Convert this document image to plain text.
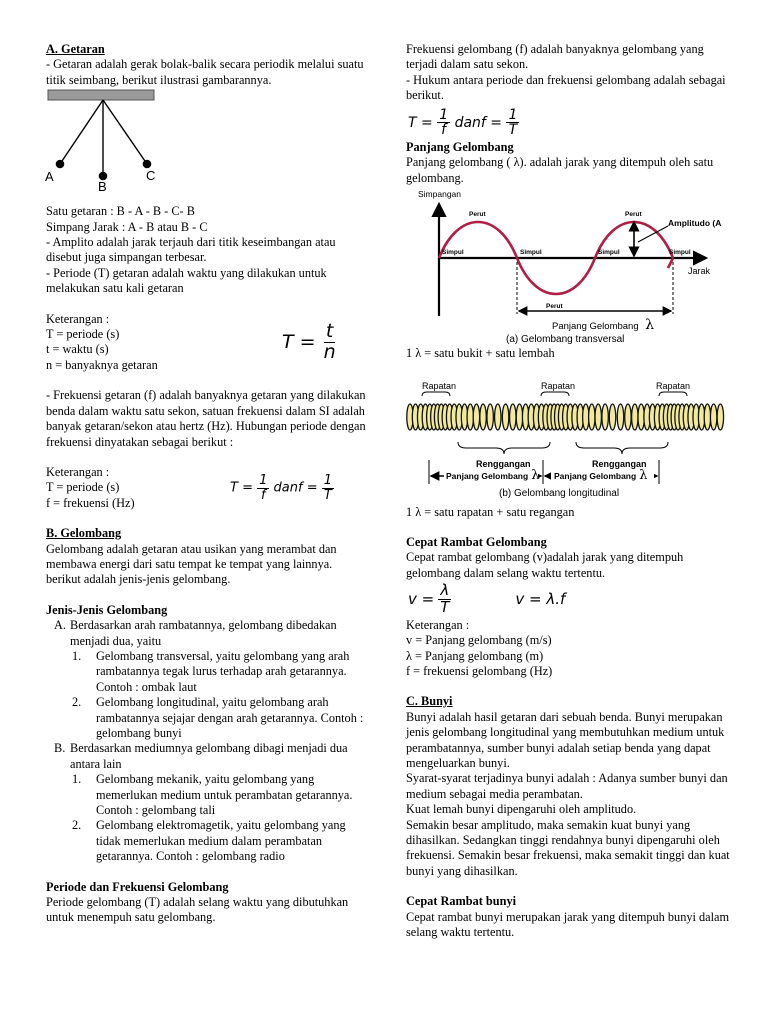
A. Getaran

- Getaran adalah gerak bolak-balik secara periodik melalui suatu titik seimbang, berikut ilustrasi gambarannya.

A
B
C

Satu getaran : B - A - B - C- B

Simpang Jarak : A - B atau B - C

- Amplito adalah jarak terjauh dari titik keseimbangan atau disebut juga simpangan terbesar.

- Periode (T) getaran adalah waktu yang dilakukan untuk melakukan satu kali getaran

Keterangan :

T = periode (s)

t = waktu (s)

n = banyaknya getaran

$T = \frac{t}{n}$

- Frekuensi getaran (f) adalah banyaknya getaran yang dilakukan benda dalam waktu satu sekon, satuan frekuensi dalam SI adalah banyak getaran/sekon atau hertz (Hz). Hubungan periode dengan frekuensi dinyatakan sebagai berikut :

Keterangan :

T = periode (s)

f = frekuensi (Hz)

$T = \frac{1}{f}$ danf = $\frac{1}{T}$

B. Gelombang

Gelombang adalah getaran atau usikan yang merambat dan membawa energi dari satu tempat ke tempat yang lainnya. berikut adalah jenis-jenis gelombang.

Jenis-Jenis Gelombang

A. Berdasarkan arah rambatannya, gelombang dibedakan menjadi dua, yaitu
1. Gelombang transversal, yaitu gelombang yang arah rambatannya tegak lurus terhadap arah getarannya. Contoh : ombak laut
2. Gelombang longitudinal, yaitu gelombang arah rambatannya sejajar dengan arah getarannya. Contoh : gelombang bunyi
B. Berdasarkan mediumnya gelombang dibagi menjadi dua antara lain
1. Gelombang mekanik, yaitu gelombang yang memerlukan medium untuk perambatan getarannya. Contoh : gelombang tali
2. Gelombang elektromagetik, yaitu gelombang yang tidak memerlukan medium dalam perambatan getarannya. Contoh : gelombang radio

Periode dan Frekuensi Gelombang

Periode gelombang (T) adalah selang waktu yang dibutuhkan untuk menempuh satu gelombang.

Frekuensi gelombang (f) adalah banyaknya gelombang yang terjadi dalam satu sekon.

- Hukum antara periode dan frekuensi gelombang adalah sebagai berikut.

$T = \frac{1}{f}$ danf = $\frac{1}{T}$

Panjang Gelombang

Panjang gelombang ( λ). adalah jarak yang ditempuh oleh satu gelombang.

Simpangan
Jarak
Perut
Perut
Perut
Simpul	Simpul	Simpul	Simpul
Amplitudo (A
Panjang Gelombang λ
(a) Gelombang transversal

1 λ = satu bukit + satu lembah

Rapatan	Rapatan	Rapatan
Renggangan	Renggangan
Panjang Gelombang λ Panjang Gelombang λ
(b) Gelombang longitudinal

1 λ = satu rapatan + satu regangan

Cepat Rambat Gelombang

Cepat rambat gelombang (v)adalah jarak yang ditempuh gelombang dalam selang waktu tertentu.

$v = \frac{\lambda}{T}$	v = λ.f

Keterangan :

v = Panjang gelombang (m/s)

λ = Panjang gelombang (m)

f = frekuensi gelombang (Hz)

C. Bunyi

Bunyi adalah hasil getaran dari sebuah benda. Bunyi merupakan jenis gelombang longitudinal yang membutuhkan medium untuk perambatannya, sumber bunyi adalah setiap benda yang dapat mengeluarkan bunyi.

Syarat-syarat terjadinya bunyi adalah : Adanya sumber bunyi dan medium sebagai media perambatan.

Kuat lemah bunyi dipengaruhi oleh amplitudo.

Semakin besar amplitudo, maka semakin kuat bunyi yang dihasilkan. Sedangkan tinggi rendahnya bunyi dipengaruhi oleh frekuensi. Semakin besar frekuensi, maka semakit tinggi dan kuat bunyi yang dihasilkan.

Cepat Rambat bunyi

Cepat rambat bunyi merupakan jarak yang ditempuh bunyi dalam selang waktu tertentu.
